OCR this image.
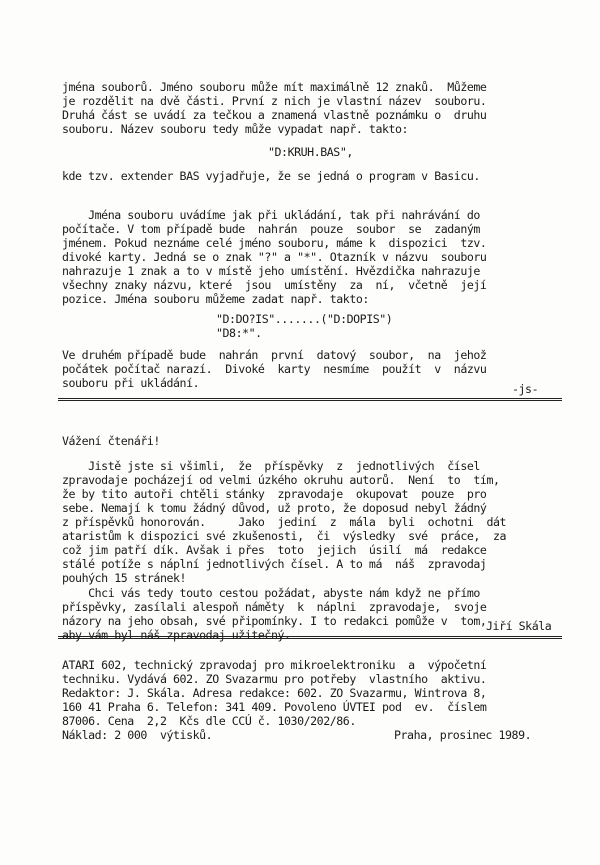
jména souborů. Jméno souboru může mít maximálně 12 znaků.  Můžeme
je rozdělit na dvě části. První z nich je vlastní název  souboru.
Druhá část se uvádí za tečkou a znamená vlastně poznámku o  druhu
souboru. Název souboru tedy může vypadat např. takto:
"D:KRUH.BAS",
kde tzv. extender BAS vyjadřuje, že se jedná o program v Basicu.
Jména souboru uvádíme jak při ukládání, tak při nahrávání do
počítače. V tom případě bude  nahrán  pouze  soubor  se  zadaným
jménem. Pokud neznáme celé jméno souboru, máme k  dispozici  tzv.
divoké karty. Jedná se o znak "?" a "*". Otazník v názvu  souboru
nahrazuje 1 znak a to v místě jeho umístění. Hvězdička nahrazuje
všechny znaky názvu, které  jsou  umístěny  za  ní,  včetně  její
pozice. Jména souboru můžeme zadat např. takto:
"D:DO?IS".......("D:DOPIS")
"D8:*".
Ve druhém případě bude  nahrán  první  datový  soubor,  na  jehož
počátek počítač narazí.  Divoké  karty  nesmíme  použít  v  názvu
souboru při ukládání.	-js-
Vážení čtenáři!
Jistě jste si všimli,  že  příspěvky  z  jednotlivých  čísel
zpravodaje pocházejí od velmi úzkého okruhu autorů.  Není  to  tím,
že by tito autoři chtěli stánky  zpravodaje  okupovat  pouze  pro
sebe. Nemají k tomu žádný důvod, už proto, že doposud nebyl žádný
z příspěvků honorován.     Jako  jediní  z  mála  byli  ochotni  dát
ataristům k dispozici své zkušenosti,  či  výsledky  své  práce,  za
což jim patří dík. Avšak i přes  toto  jejich  úsilí  má  redakce
stálé potíže s náplní jednotlivých čísel. A to má  náš  zpravodaj
pouhých 15 stránek!
Chci vás tedy touto cestou požádat, abyste nám když ne přímo
příspěvky, zasílali alespoň náměty  k  náplni  zpravodaje,  svoje
názory na jeho obsah, své připomínky. I to redakci pomůže v  tom,
aby vám byl náš zpravodaj užitečný.
Jiří Skála
ATARI 602, technický zpravodaj pro mikroelektroniku  a  výpočetní
techniku. Vydává 602. ZO Svazarmu pro potřeby  vlastního  aktivu.
Redaktor: J. Skála. Adresa redakce: 602. ZO Svazarmu, Wintrova 8,
160 41 Praha 6. Telefon: 341 409. Povoleno ÚVTEI pod  ev.  číslem
87006. Cena  2,2  Kčs dle CCÚ č. 1030/202/86.
Náklad: 2 000  výtisků.	Praha, prosinec 1989.
